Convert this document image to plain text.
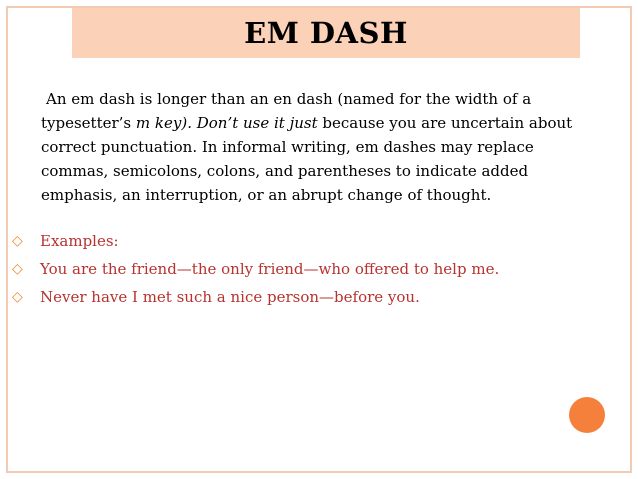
EM DASH

An em dash is longer than an en dash (named for the width of a typesetter’s m key). Don’t use it just because you are uncertain about correct punctuation. In informal writing, em dashes may replace commas, semicolons, colons, and parentheses to indicate added emphasis, an interruption, or an abrupt change of thought.

◇	Examples:
◇	You are the friend—the only friend—who offered to help me.
◇	Never have I met such a nice person—before you.
